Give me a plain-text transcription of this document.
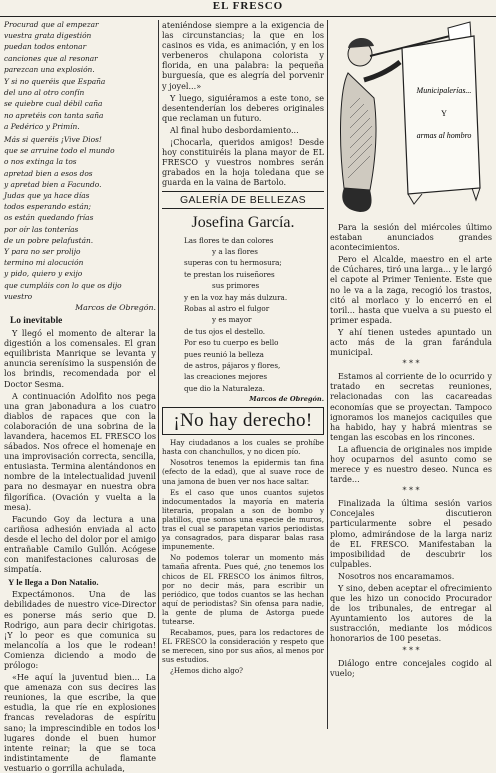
EL FRESCO

Procurad que al empezar

vuestra grata digestión

puedan todos entonar

canciones que al resonar

parezcan una explosión.

Y si no queréis que España

del uno al otro confín

se quiebre cual débil caña

no apretéis con tanta saña

a Pedérico y Primín.

Más si queréis ¡Vive Dios!

que se arruine todo el mundo

o nos extinga la tos

apretad bien a esos dos

y apretad bien a Facundo.

Judas que ya hace días

todos esperando están;

os están quedando frías

por oír las tonterías

de un pobre pelafustán.

Y para no ser prolijo

termino mi alocución

y pido, quiero y exijo

que cumpláis con lo que os dijo

vuestro

Marcos de Obregón.
Lo inevitable

Y llegó el momento de alterar la digestión a los comensales. El gran equilibrista Manrique se levanta y anuncia serenísimo la suspensión de los brindis, recomendada por el Doctor Sesma.

A continuación Adolfito nos pega una gran jabonadura a los cuatro diablos de rapaces que con la colaboración de una sobrina de la lavandera, hacemos EL FRESCO los sábados. Nos ofrece el homenaje en una improvisación correcta, sencilla, entusiasta. Termina alentándonos en nombre de la intelectualidad juvenil para no desmayar en nuestra obra filgorífica. (Ovación y vuelta a la mesa).

Facundo Goy da lectura a una cariñosa adhesión enviada al acto desde el lecho del dolor por el amigo entrañable Camilo Gullón. Acógese con manifestaciones calurosas de simpatía.

Y le llega a Don Natalio.

Expectámonos. Una de las debilidades de nuestro vice-Director es ponerse más serio que D. Rodrigo, aun para decir chirigotas. ¡Y lo peor es que comunica su melancolía a los que le rodean! Comienza diciendo a modo de prólogo:

«He aquí la juventud bien... La que amenaza con sus decires las reuniones, la que escribe, la que estudia, la que ríe en explosiones francas reveladoras de espíritu sano; la imprescindible en todos los lugares donde el buen humor intente reinar; la que se toca indistintamente de flamante vestuario o gorrilla achulada,

ateniéndose siempre a la exigencia de las circunstancias; la que en los casinos es vida, es animación, y en los verbeneros chulapona colorista y florida, en una palabra: la pequeña burguesía, que es alegría del porvenir y joyel...»

Y luego, siguiéramos a este tono, se desentenderían los deberes originales que reclaman un futuro.

Al final hubo desbordamiento...

¡Chocarla, queridos amigos! Desde hoy constituiréis la plana mayor de EL FRESCO y vuestros nombres serán grabados en la hoja toledana que se guarda en la vaina de Bartolo.

GALERÍA DE BELLEZAS
Josefina García.

Las flores te dan colores

y a las flores

superas con tu hermosura;

te prestan los ruiseñores

sus primores

y en la voz hay más dulzura.

Robas al astro el fulgor

y es mayor

de tus ojos el destello.

Por eso tu cuerpo es bello

pues reunió la belleza

de astros, pájaros y flores,

las creaciones mejores

que dio la Naturaleza.

Marcos de Obregón.
¡No hay derecho!

Hay ciudadanos a los cuales se prohíbe hasta con chanchullos, y no dicen pío.

Nosotros tenemos la epidermis tan fina (efecto de la edad), que al suave roce de una jamona de buen ver nos hace saltar.

Es el caso que unos cuantos sujetos indocumentados la mayoría en materia literaria, propalan a son de bombo y platillos, que somos una especie de muros, tras el cual se parapetan varios periodistas ya consagrados, para disparar balas rasa impunemente.

No podemos tolerar un momento más tamaña afrenta. Pues qué, ¿no tenemos los chicos de EL FRESCO los ánimos filtros, por no decir más, para escribir un periódico, que todos cuantos se las hechan aquí de periodistas? Sin ofensa para nadie, la gente de pluma de Astorga puede tutearse.

Recabamos, pues, para los redactores de EL FRESCO la consideración y respeto que se merecen, sino por sus años, al menos por sus estudios.

¿Hemos dicho algo?

Municipalerías...
Y
armas al hombro

Para la sesión del miércoles último estaban anunciados grandes acontecimientos.

Pero el Alcalde, maestro en el arte de Cúchares, tiró una larga... y le largó el capote al Primer Teniente. Este que no le va a la zaga, recogió los trastos, citó al morlaco y lo encerró en el toril... hasta que vuelva a su puesto el primer espada.

Y ahí tienen ustedes apuntado un acto más de la gran farándula municipal.

* * *

Estamos al corriente de lo ocurrido y tratado en secretas reuniones, relacionadas con las cacareadas economías que se proyectan. Tampoco ignoramos los manejos caciquiles que ha habido, hay y habrá mientras se tengan las escobas en los rincones.

La afluencia de originales nos impide hoy ocuparnos del asunto como se merece y es nuestro deseo. Nunca es tarde...

* * *

Finalizada la última sesión varios Concejales discutieron particularmente sobre el pesado plomo, admirándose de la larga nariz de EL FRESCO. Manifestaban la imposibilidad de descubrir los culpables.

Nosotros nos encaramamos.

Y sino, deben aceptar el ofrecimiento que les hizo un conocido Procurador de los tribunales, de entregar al Ayuntamiento los autores de la sustracción, mediante los módicos honorarios de 100 pesetas.

* * *

Diálogo entre concejales cogido al vuelo;
